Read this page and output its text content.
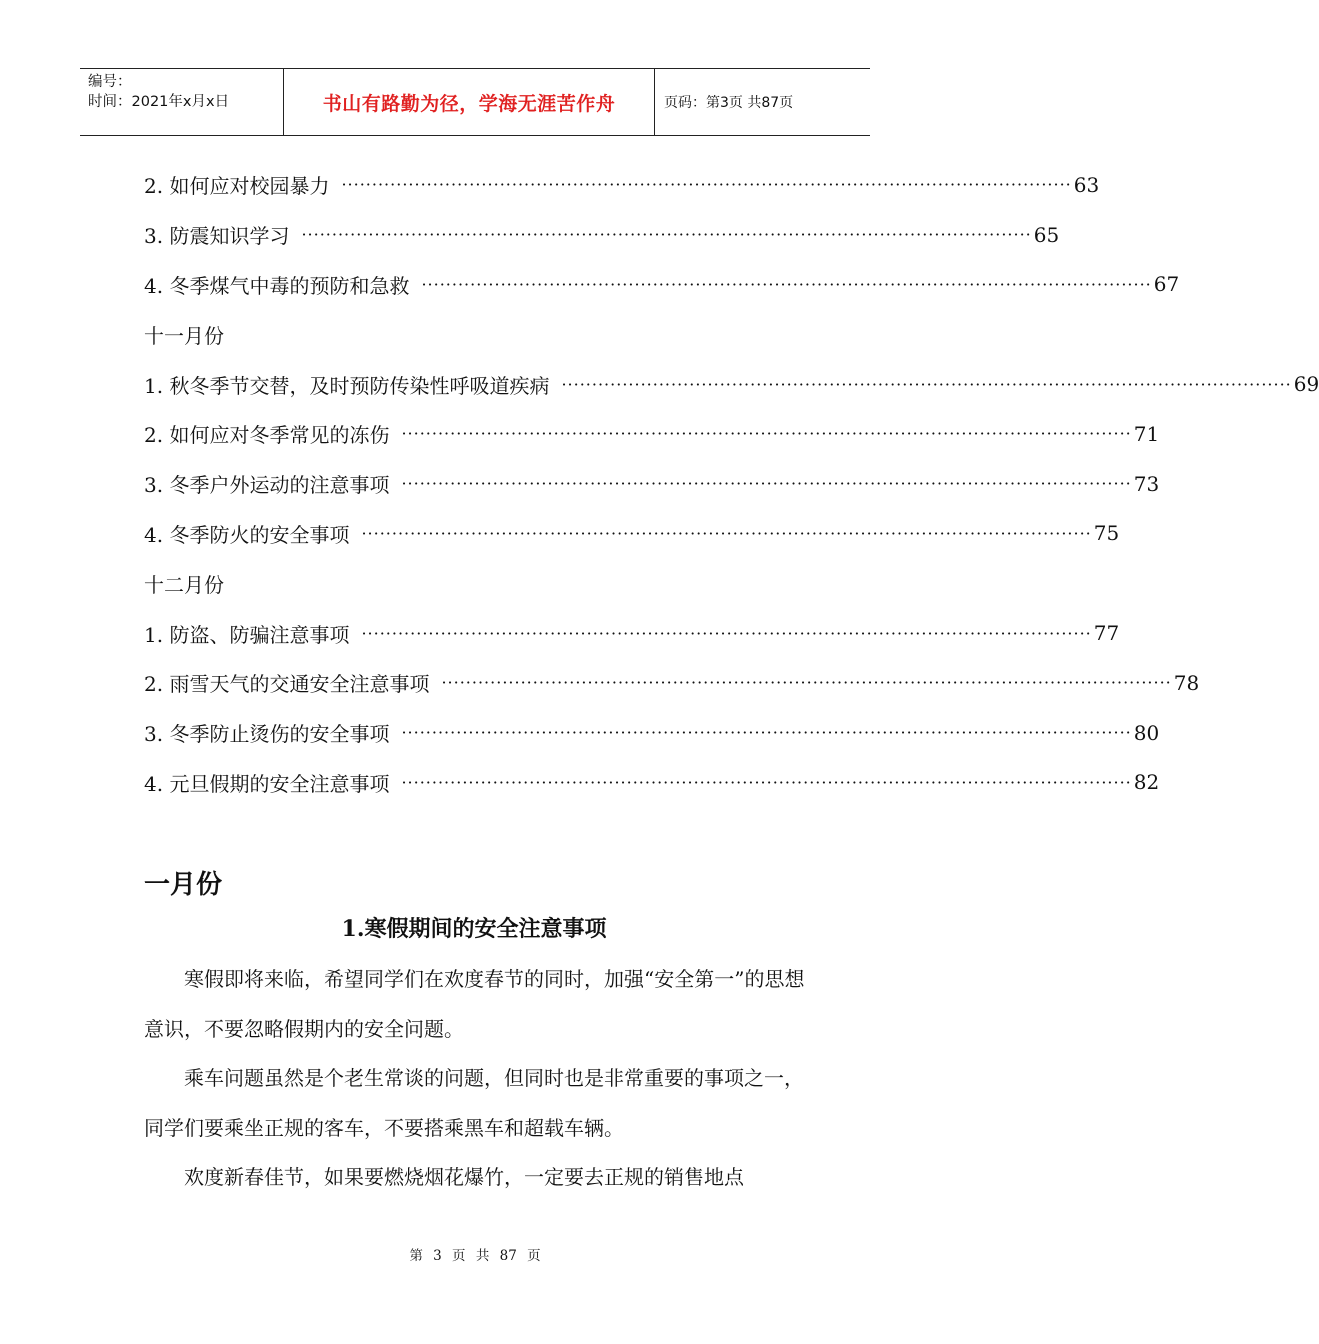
编号：
时间：2021年x月x日	书山有路勤为径，学海无涯苦作舟	页码：第3页 共87页
2. 如何应对校园暴力 ························································································································ 63
3. 防震知识学习 ························································································································ 65
4. 冬季煤气中毒的预防和急救 ························································································································ 67
十一月份
1. 秋冬季节交替，及时预防传染性呼吸道疾病 ························································································································ 69
2. 如何应对冬季常见的冻伤 ························································································································ 71
3. 冬季户外运动的注意事项 ························································································································ 73
4. 冬季防火的安全事项 ························································································································ 75
十二月份
1. 防盗、防骗注意事项 ························································································································ 77
2. 雨雪天气的交通安全注意事项 ························································································································ 78
3. 冬季防止烫伤的安全事项 ························································································································ 80
4. 元旦假期的安全注意事项 ························································································································ 82
一月份
1.寒假期间的安全注意事项

寒假即将来临，希望同学们在欢度春节的同时，加强“安全第一”的思想意识，不要忽略假期内的安全问题。

乘车问题虽然是个老生常谈的问题，但同时也是非常重要的事项之一，同学们要乘坐正规的客车，不要搭乘黑车和超载车辆。

欢度新春佳节，如果要燃烧烟花爆竹，一定要去正规的销售地点

第 3 页 共 87 页
